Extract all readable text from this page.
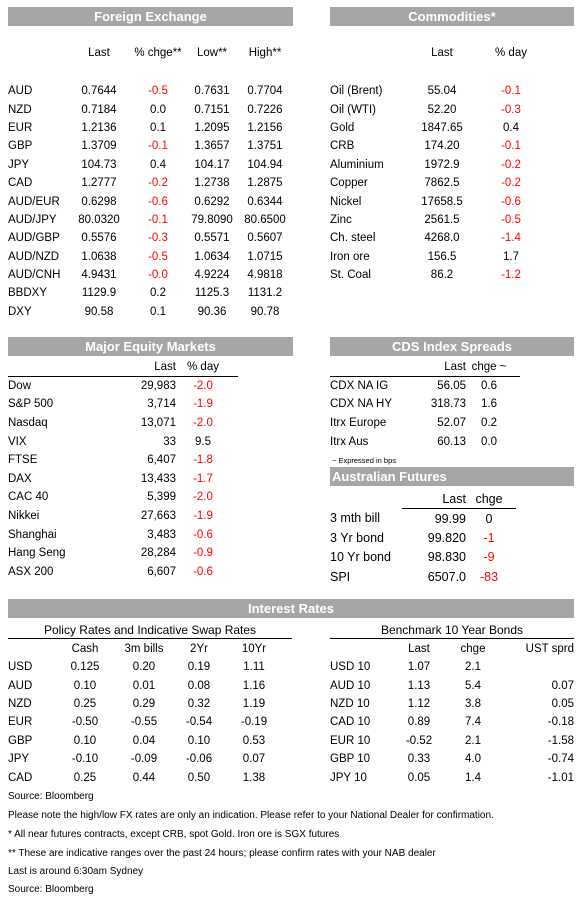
Foreign Exchange
	Last	% chge**	Low**	High**
AUD	0.7644	-0.5	0.7631	0.7704
NZD	0.7184	0.0	0.7151	0.7226
EUR	1.2136	0.1	1.2095	1.2156
GBP	1.3709	-0.1	1.3657	1.3751
JPY	104.73	0.4	104.17	104.94
CAD	1.2777	-0.2	1.2738	1.2875
AUD/EUR	0.6298	-0.6	0.6292	0.6344
AUD/JPY	80.0320	-0.1	79.8090	80.6500
AUD/GBP	0.5576	-0.3	0.5571	0.5607
AUD/NZD	1.0638	-0.5	1.0634	1.0715
AUD/CNH	4.9431	-0.0	4.9224	4.9818
BBDXY	1129.9	0.2	1125.3	1131.2
DXY	90.58	0.1	90.36	90.78
Commodities*
	Last	% day	
Oil (Brent)	55.04	-0.1	
Oil (WTI)	52.20	-0.3	
Gold	1847.65	0.4	
CRB	174.20	-0.1	
Aluminium	1972.9	-0.2	
Copper	7862.5	-0.2	
Nickel	17658.5	-0.6	
Zinc	2561.5	-0.5	
Ch. steel	4268.0	-1.4	
Iron ore	156.5	1.7	
St. Coal	86.2	-1.2	
Major Equity Markets
	Last	% day	
Dow	29,983	-2.0	
S&P 500	3,714	-1.9	
Nasdaq	13,071	-2.0	
VIX	33	9.5	
FTSE	6,407	-1.8	
DAX	13,433	-1.7	
CAC 40	5,399	-2.0	
Nikkei	27,663	-1.9	
Shanghai	3,483	-0.6	
Hang Seng	28,284	-0.9	
ASX 200	6,607	-0.6	
CDS Index Spreads
	Last	chge ~	
CDX NA IG	56.05	0.6	
CDX NA HY	318.73	1.6	
Itrx Europe	52.07	0.2	
Itrx Aus	60.13	0.0	
~ Expressed in bps
Australian Futures
	Last	chge	
3 mth bill	99.99	0	
3 Yr bond	99.820	-1	
10 Yr bond	98.830	-9	
SPI	6507.0	-83	
Interest Rates
Policy Rates and Indicative Swap Rates
	Cash	3m bills	2Yr	10Yr
USD	0.125	0.20	0.19	1.11
AUD	0.10	0.01	0.08	1.16
NZD	0.25	0.29	0.32	1.19
EUR	-0.50	-0.55	-0.54	-0.19
GBP	0.10	0.04	0.10	0.53
JPY	-0.10	-0.09	-0.06	0.07
CAD	0.25	0.44	0.50	1.38
Benchmark 10 Year Bonds
	Last	chge	UST sprd
USD 10	1.07	2.1	
AUD 10	1.13	5.4	0.07
NZD 10	1.12	3.8	0.05
CAD 10	0.89	7.4	-0.18
EUR 10	-0.52	2.1	-1.58
GBP 10	0.33	4.0	-0.74
JPY 10	0.05	1.4	-1.01
Source: Bloomberg
Please note the high/low FX rates are only an indication. Please refer to your National Dealer for confirmation.
* All near futures contracts, except CRB, spot Gold. Iron ore is SGX futures
** These are indicative ranges over the past 24 hours; please confirm rates with your NAB dealer
Last is around 6:30am Sydney
Source: Bloomberg
